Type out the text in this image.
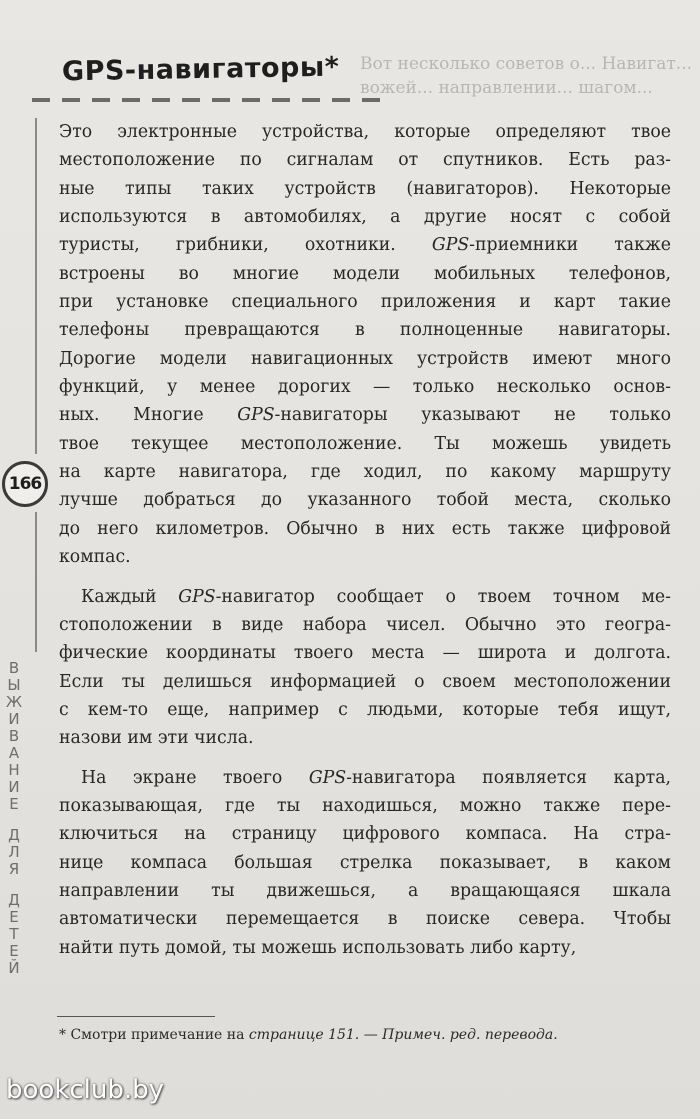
Вот несколько советов о... Навигат...
вожей... направлении... шагом...
GPS-навигаторы*
166
В
Ы
Ж
И
В
А
Н
И
Е
Д
Л
Я
Д
Е
Т
Е
Й
Это электронные устройства, которые определяют твое
местоположение по сигналам от спутников. Есть раз-
ные типы таких устройств (навигаторов). Некоторые
используются в автомобилях, а другие носят с собой
туристы, грибники, охотники. GPS-приемники также
встроены во многие модели мобильных телефонов,
при установке специального приложения и карт такие
телефоны превращаются в полноценные навигаторы.
Дорогие модели навигационных устройств имеют много
функций, у менее дорогих — только несколько основ-
ных. Многие GPS-навигаторы указывают не только
твое текущее местоположение. Ты можешь увидеть
на карте навигатора, где ходил, по какому маршруту
лучше добраться до указанного тобой места, сколько
до него километров. Обычно в них есть также цифровой
компас.
Каждый GPS-навигатор сообщает о твоем точном ме-
стоположении в виде набора чисел. Обычно это геогра-
фические координаты твоего места — широта и долгота.
Если ты делишься информацией о своем местоположении
с кем-то еще, например с людьми, которые тебя ищут,
назови им эти числа.
На экране твоего GPS-навигатора появляется карта,
показывающая, где ты находишься, можно также пере-
ключиться на страницу цифрового компаса. На стра-
нице компаса большая стрелка показывает, в каком
направлении ты движешься, а вращающаяся шкала
автоматически перемещается в поиске севера. Чтобы
найти путь домой, ты можешь использовать либо карту,
* Смотри примечание на странице 151. — Примеч. ред. перевода.
bookclub.by
